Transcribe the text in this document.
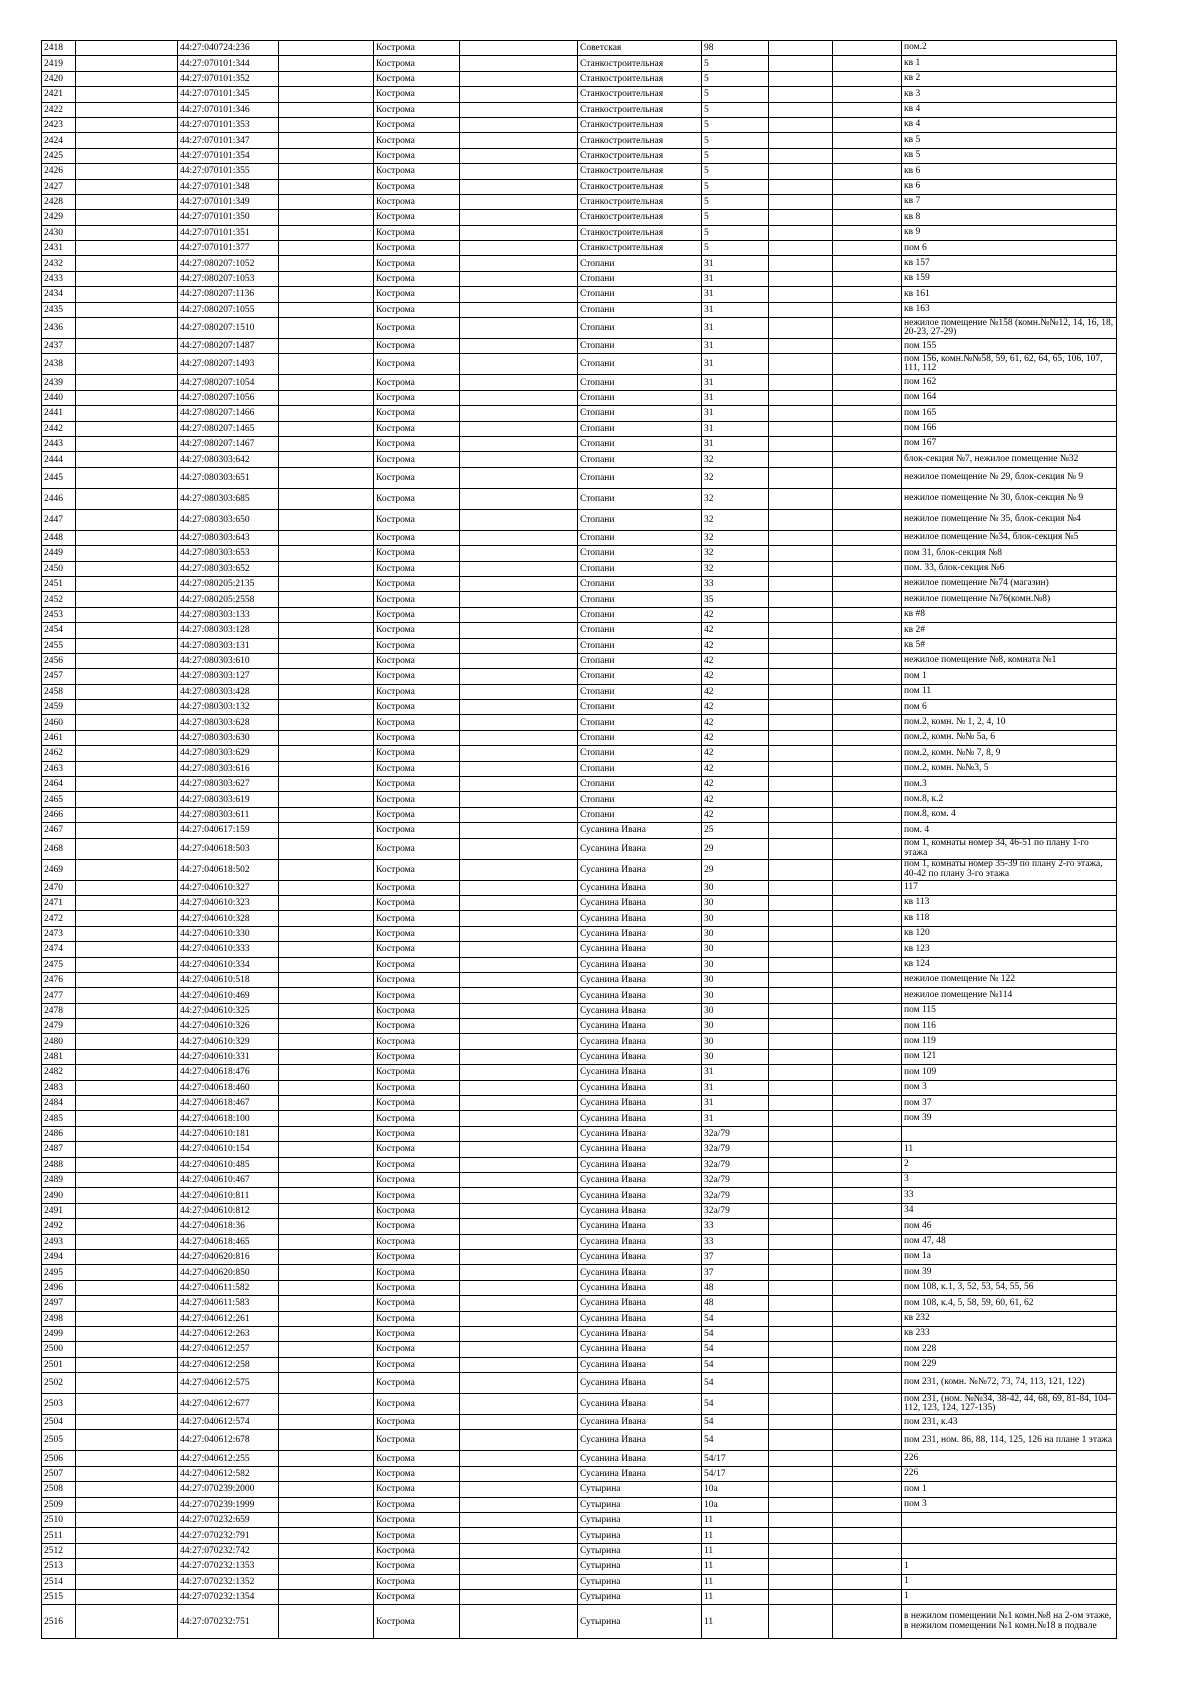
2418		44:27:040724:236		Кострома		Советская	98			пом.2
2419		44:27:070101:344		Кострома		Станкостроительная	5			кв 1
2420		44:27:070101:352		Кострома		Станкостроительная	5			кв 2
2421		44:27:070101:345		Кострома		Станкостроительная	5			кв 3
2422		44:27:070101:346		Кострома		Станкостроительная	5			кв 4
2423		44:27:070101:353		Кострома		Станкостроительная	5			кв 4
2424		44:27:070101:347		Кострома		Станкостроительная	5			кв 5
2425		44:27:070101:354		Кострома		Станкостроительная	5			кв 5
2426		44:27:070101:355		Кострома		Станкостроительная	5			кв 6
2427		44:27:070101:348		Кострома		Станкостроительная	5			кв 6
2428		44:27:070101:349		Кострома		Станкостроительная	5			кв 7
2429		44:27:070101:350		Кострома		Станкостроительная	5			кв 8
2430		44:27:070101:351		Кострома		Станкостроительная	5			кв 9
2431		44:27:070101:377		Кострома		Станкостроительная	5			пом 6
2432		44:27:080207:1052		Кострома		Стопани	31			кв 157
2433		44:27:080207:1053		Кострома		Стопани	31			кв 159
2434		44:27:080207:1136		Кострома		Стопани	31			кв 161
2435		44:27:080207:1055		Кострома		Стопани	31			кв 163
2436		44:27:080207:1510		Кострома		Стопани	31			нежилое помещение №158 (комн.№№12, 14, 16, 18, 20-23, 27-29)
2437		44:27:080207:1487		Кострома		Стопани	31			пом 155
2438		44:27:080207:1493		Кострома		Стопани	31			пом 156, комн.№№58, 59, 61, 62, 64, 65, 106, 107, 111, 112
2439		44:27:080207:1054		Кострома		Стопани	31			пом 162
2440		44:27:080207:1056		Кострома		Стопани	31			пом 164
2441		44:27:080207:1466		Кострома		Стопани	31			пом 165
2442		44:27:080207:1465		Кострома		Стопани	31			пом 166
2443		44:27:080207:1467		Кострома		Стопани	31			пом 167
2444		44:27:080303:642		Кострома		Стопани	32			блок-секция №7, нежилое помещение №32
2445		44:27:080303:651		Кострома		Стопани	32			нежилое помещение № 29, блок-секция № 9
2446		44:27:080303:685		Кострома		Стопани	32			нежилое помещение № 30, блок-секция № 9
2447		44:27:080303:650		Кострома		Стопани	32			нежилое помещение № 35, блок-секция №4
2448		44:27:080303:643		Кострома		Стопани	32			нежилое помещение №34, блок-секция №5
2449		44:27:080303:653		Кострома		Стопани	32			пом 31, блок-секция №8
2450		44:27:080303:652		Кострома		Стопани	32			пом. 33, блок-секция №6
2451		44:27:080205:2135		Кострома		Стопани	33			нежилое помещение №74 (магазин)
2452		44:27:080205:2558		Кострома		Стопани	35			нежилое помещение №76(комн.№8)
2453		44:27:080303:133		Кострома		Стопани	42			кв #8
2454		44:27:080303:128		Кострома		Стопани	42			кв 2#
2455		44:27:080303:131		Кострома		Стопани	42			кв 5#
2456		44:27:080303:610		Кострома		Стопани	42			нежилое помещение №8, комната №1
2457		44:27:080303:127		Кострома		Стопани	42			пом 1
2458		44:27:080303:428		Кострома		Стопани	42			пом 11
2459		44:27:080303:132		Кострома		Стопани	42			пом 6
2460		44:27:080303:628		Кострома		Стопани	42			пом.2, комн. № 1, 2, 4, 10
2461		44:27:080303:630		Кострома		Стопани	42			пом.2, комн. №№ 5а, 6
2462		44:27:080303:629		Кострома		Стопани	42			пом.2, комн. №№ 7, 8, 9
2463		44:27:080303:616		Кострома		Стопани	42			пом.2, комн. №№3, 5
2464		44:27:080303:627		Кострома		Стопани	42			пом.3
2465		44:27:080303:619		Кострома		Стопани	42			пом.8, к.2
2466		44:27:080303:611		Кострома		Стопани	42			пом.8, ком. 4
2467		44:27:040617:159		Кострома		Сусанина Ивана	25			пом. 4
2468		44:27:040618:503		Кострома		Сусанина Ивана	29			пом 1, комнаты номер 34, 46-51 по плану 1-го этажа
2469		44:27:040618:502		Кострома		Сусанина Ивана	29			пом 1, комнаты номер 35-39 по плану 2-го этажа, 40-42 по плану 3-го этажа
2470		44:27:040610:327		Кострома		Сусанина Ивана	30			117
2471		44:27:040610:323		Кострома		Сусанина Ивана	30			кв 113
2472		44:27:040610:328		Кострома		Сусанина Ивана	30			кв 118
2473		44:27:040610:330		Кострома		Сусанина Ивана	30			кв 120
2474		44:27:040610:333		Кострома		Сусанина Ивана	30			кв 123
2475		44:27:040610:334		Кострома		Сусанина Ивана	30			кв 124
2476		44:27:040610:518		Кострома		Сусанина Ивана	30			нежилое помещение № 122
2477		44:27:040610:469		Кострома		Сусанина Ивана	30			нежилое помещение №114
2478		44:27:040610:325		Кострома		Сусанина Ивана	30			пом 115
2479		44:27:040610:326		Кострома		Сусанина Ивана	30			пом 116
2480		44:27:040610:329		Кострома		Сусанина Ивана	30			пом 119
2481		44:27:040610:331		Кострома		Сусанина Ивана	30			пом 121
2482		44:27:040618:476		Кострома		Сусанина Ивана	31			пом 109
2483		44:27:040618:460		Кострома		Сусанина Ивана	31			пом 3
2484		44:27:040618:467		Кострома		Сусанина Ивана	31			пом 37
2485		44:27:040618:100		Кострома		Сусанина Ивана	31			пом 39
2486		44:27:040610:181		Кострома		Сусанина Ивана	32а/79			
2487		44:27:040610:154		Кострома		Сусанина Ивана	32а/79			11
2488		44:27:040610:485		Кострома		Сусанина Ивана	32а/79			2
2489		44:27:040610:467		Кострома		Сусанина Ивана	32а/79			3
2490		44:27:040610:811		Кострома		Сусанина Ивана	32а/79			33
2491		44:27:040610:812		Кострома		Сусанина Ивана	32а/79			34
2492		44:27:040618:36		Кострома		Сусанина Ивана	33			пом 46
2493		44:27:040618:465		Кострома		Сусанина Ивана	33			пом 47, 48
2494		44:27:040620:816		Кострома		Сусанина Ивана	37			пом 1а
2495		44:27:040620:850		Кострома		Сусанина Ивана	37			пом 39
2496		44:27:040611:582		Кострома		Сусанина Ивана	48			пом 108, к.1, 3, 52, 53, 54, 55, 56
2497		44:27:040611:583		Кострома		Сусанина Ивана	48			пом 108, к.4, 5, 58, 59, 60, 61, 62
2498		44:27:040612:261		Кострома		Сусанина Ивана	54			кв 232
2499		44:27:040612:263		Кострома		Сусанина Ивана	54			кв 233
2500		44:27:040612:257		Кострома		Сусанина Ивана	54			пом 228
2501		44:27:040612:258		Кострома		Сусанина Ивана	54			пом 229
2502		44:27:040612:575		Кострома		Сусанина Ивана	54			пом 231, (комн. №№72, 73, 74, 113, 121, 122)
2503		44:27:040612:677		Кострома		Сусанина Ивана	54			пом 231, (ном. №№34, 38-42, 44, 68, 69, 81-84, 104-112, 123, 124, 127-135)
2504		44:27:040612:574		Кострома		Сусанина Ивана	54			пом 231, к.43
2505		44:27:040612:678		Кострома		Сусанина Ивана	54			пом 231, ном. 86, 88, 114, 125, 126 на плане 1 этажа
2506		44:27:040612:255		Кострома		Сусанина Ивана	54/17			226
2507		44:27:040612:582		Кострома		Сусанина Ивана	54/17			226
2508		44:27:070239:2000		Кострома		Сутырина	10а			пом 1
2509		44:27:070239:1999		Кострома		Сутырина	10а			пом 3
2510		44:27:070232:659		Кострома		Сутырина	11			
2511		44:27:070232:791		Кострома		Сутырина	11			
2512		44:27:070232:742		Кострома		Сутырина	11			
2513		44:27:070232:1353		Кострома		Сутырина	11			1
2514		44:27:070232:1352		Кострома		Сутырина	11			1
2515		44:27:070232:1354		Кострома		Сутырина	11			1
2516		44:27:070232:751		Кострома		Сутырина	11			в нежилом помещении №1 комн.№8 на 2-ом этаже, в нежилом помещении №1 комн.№18 в подвале
